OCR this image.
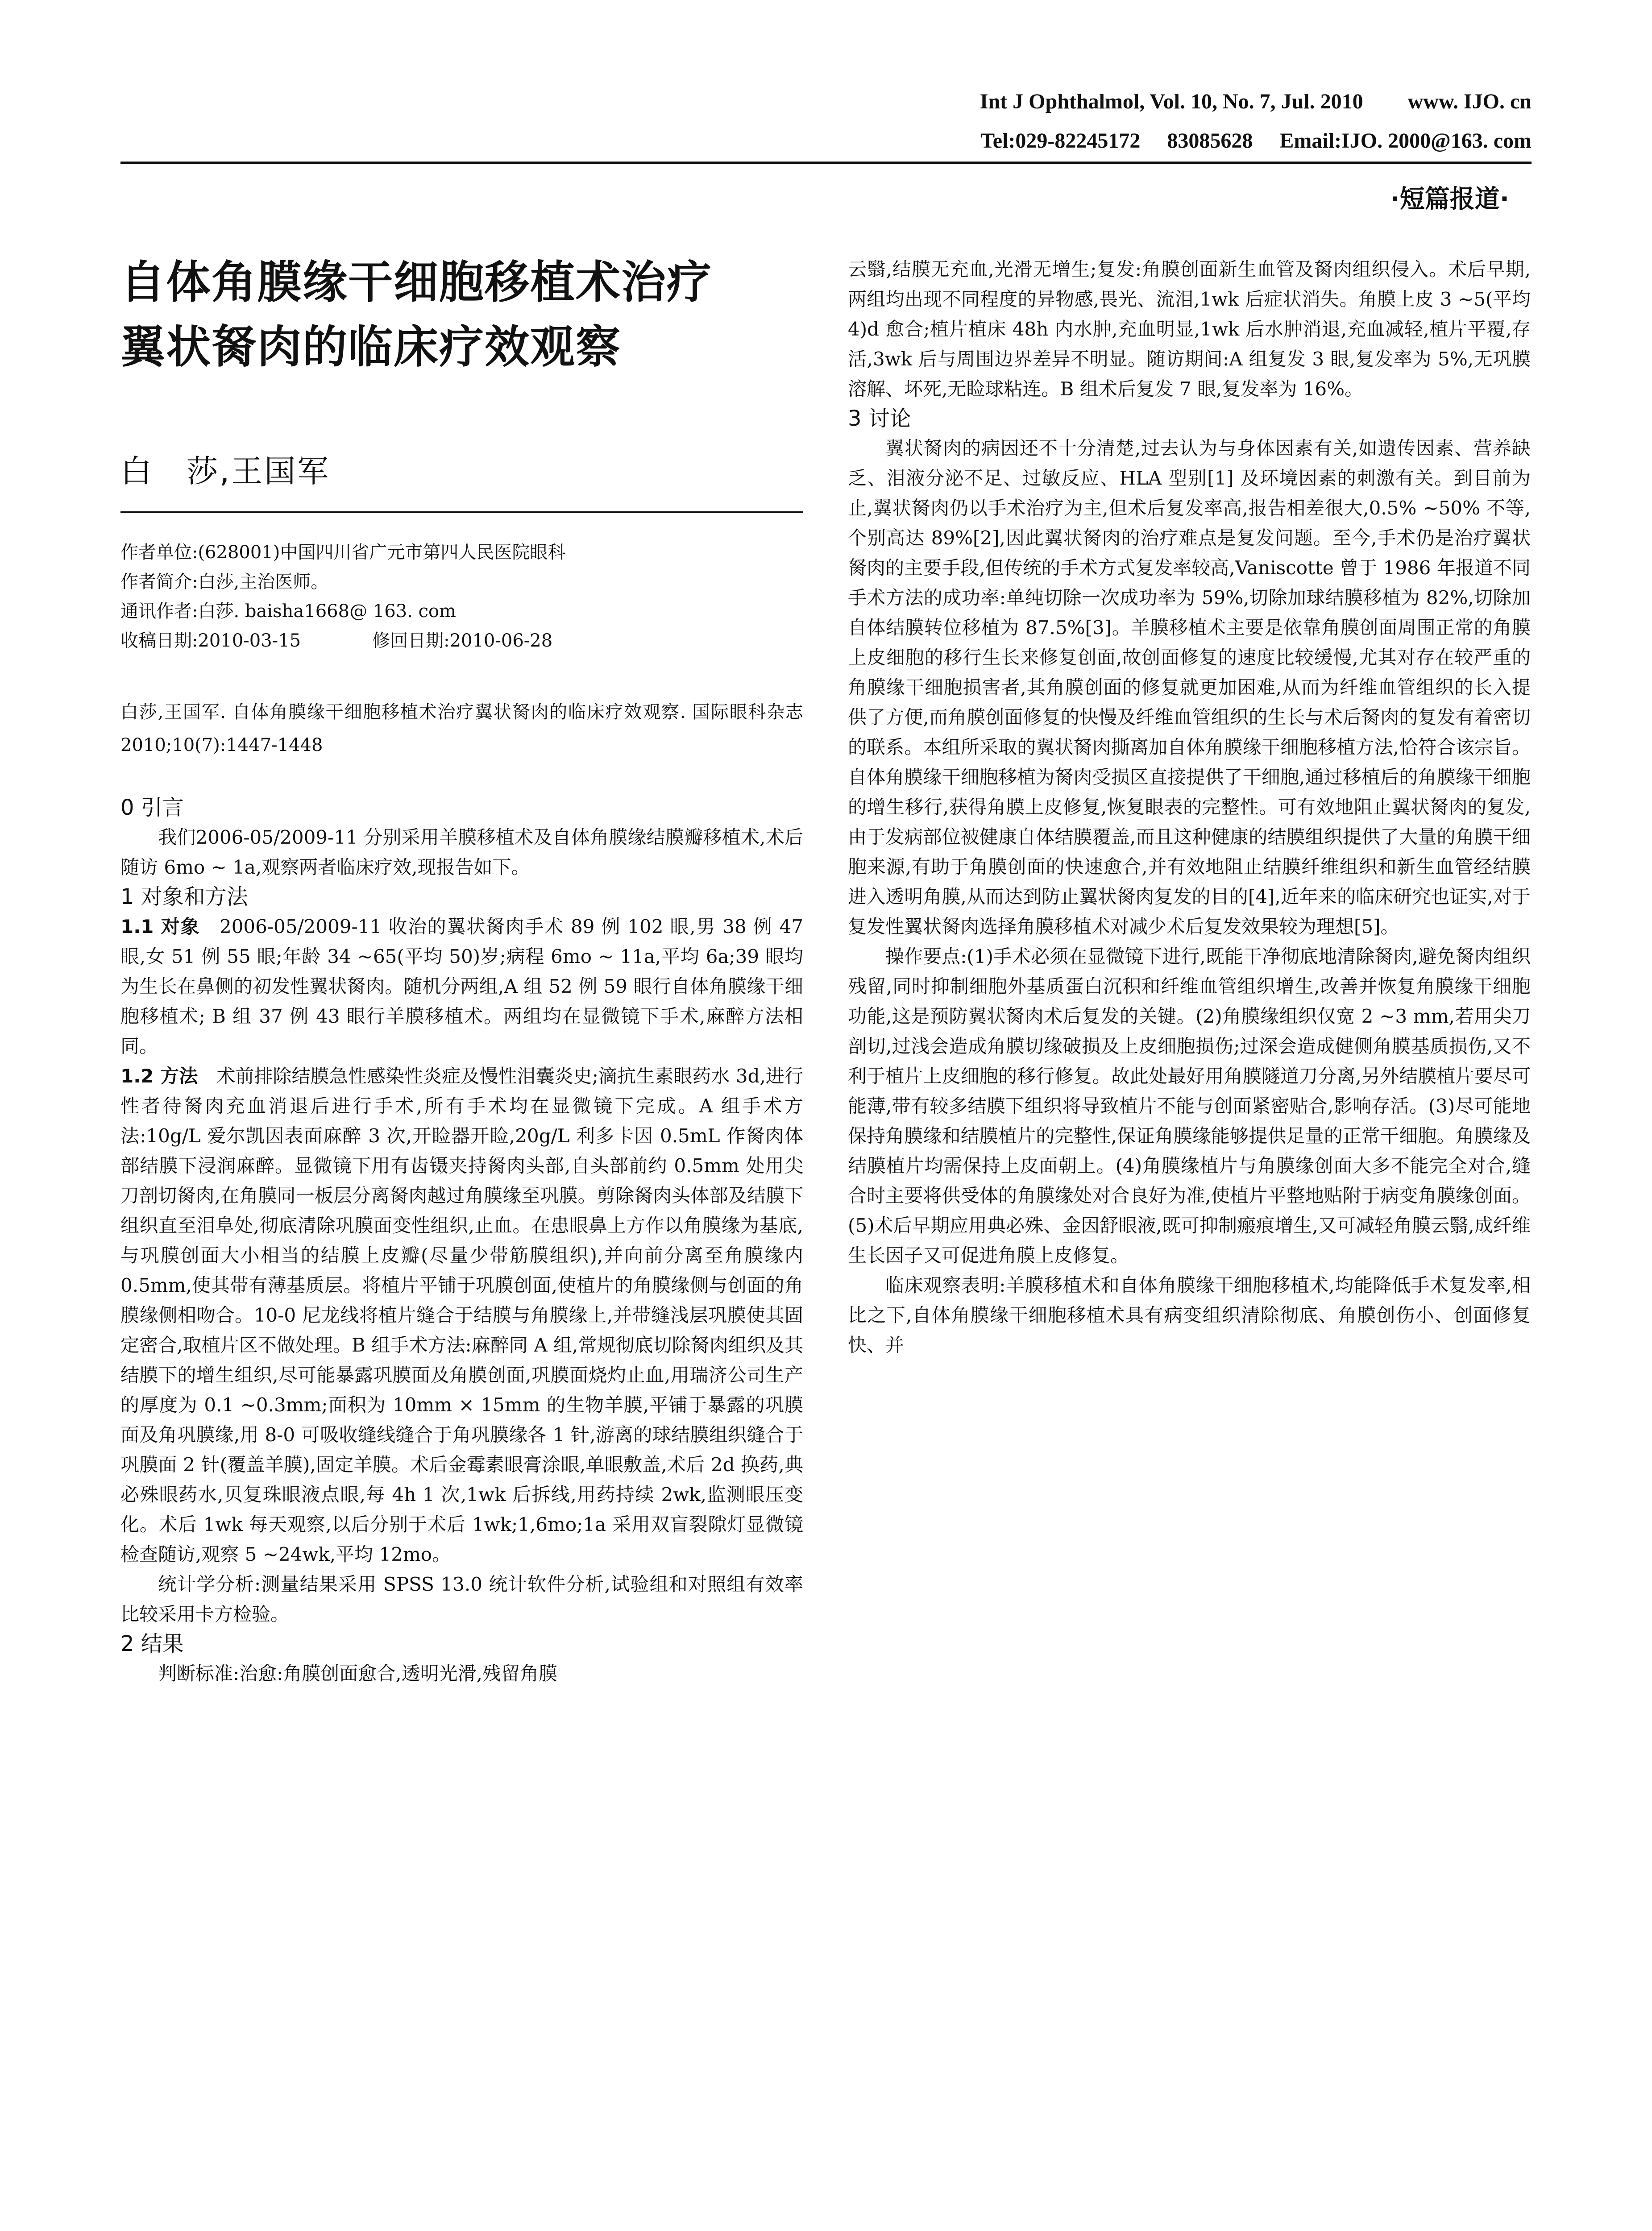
Int J Ophthalmol, Vol. 10, No. 7, Jul. 2010 www. IJO. cn
Tel:029-82245172 83085628 Email:IJO. 2000@163. com
·短篇报道·
自体角膜缘干细胞移植术治疗
翼状胬肉的临床疗效观察
白　莎,王国军
作者单位:(628001)中国四川省广元市第四人民医院眼科
作者简介:白莎,主治医师。
通讯作者:白莎. baisha1668@ 163. com
收稿日期:2010-03-15	修回日期:2010-06-28
白莎,王国军. 自体角膜缘干细胞移植术治疗翼状胬肉的临床疗效观察. 国际眼科杂志 2010;10(7):1447-1448
0 引言

我们2006-05/2009-11 分别采用羊膜移植术及自体角膜缘结膜瓣移植术,术后随访 6mo ~ 1a,观察两者临床疗效,现报告如下。

1 对象和方法

1.1 对象　2006-05/2009-11 收治的翼状胬肉手术 89 例 102 眼,男 38 例 47 眼,女 51 例 55 眼;年龄 34 ~65(平均 50)岁;病程 6mo ~ 11a,平均 6a;39 眼均为生长在鼻侧的初发性翼状胬肉。随机分两组,A 组 52 例 59 眼行自体角膜缘干细胞移植术; B 组 37 例 43 眼行羊膜移植术。两组均在显微镜下手术,麻醉方法相同。

1.2 方法　术前排除结膜急性感染性炎症及慢性泪囊炎史;滴抗生素眼药水 3d,进行性者待胬肉充血消退后进行手术,所有手术均在显微镜下完成。A 组手术方法:10g/L 爱尔凯因表面麻醉 3 次,开睑器开睑,20g/L 利多卡因 0.5mL 作胬肉体部结膜下浸润麻醉。显微镜下用有齿镊夹持胬肉头部,自头部前约 0.5mm 处用尖刀剖切胬肉,在角膜同一板层分离胬肉越过角膜缘至巩膜。剪除胬肉头体部及结膜下组织直至泪阜处,彻底清除巩膜面变性组织,止血。在患眼鼻上方作以角膜缘为基底,与巩膜创面大小相当的结膜上皮瓣(尽量少带筋膜组织),并向前分离至角膜缘内 0.5mm,使其带有薄基质层。将植片平铺于巩膜创面,使植片的角膜缘侧与创面的角膜缘侧相吻合。10-0 尼龙线将植片缝合于结膜与角膜缘上,并带缝浅层巩膜使其固定密合,取植片区不做处理。B 组手术方法:麻醉同 A 组,常规彻底切除胬肉组织及其结膜下的增生组织,尽可能暴露巩膜面及角膜创面,巩膜面烧灼止血,用瑞济公司生产的厚度为 0.1 ~0.3mm;面积为 10mm × 15mm 的生物羊膜,平铺于暴露的巩膜面及角巩膜缘,用 8-0 可吸收缝线缝合于角巩膜缘各 1 针,游离的球结膜组织缝合于巩膜面 2 针(覆盖羊膜),固定羊膜。术后金霉素眼膏涂眼,单眼敷盖,术后 2d 换药,典必殊眼药水,贝复珠眼液点眼,每 4h 1 次,1wk 后拆线,用药持续 2wk,监测眼压变化。术后 1wk 每天观察,以后分别于术后 1wk;1,6mo;1a 采用双盲裂隙灯显微镜检查随访,观察 5 ~24wk,平均 12mo。

统计学分析:测量结果采用 SPSS 13.0 统计软件分析,试验组和对照组有效率比较采用卡方检验。

2 结果

判断标准:治愈:角膜创面愈合,透明光滑,残留角膜

云翳,结膜无充血,光滑无增生;复发:角膜创面新生血管及胬肉组织侵入。术后早期,两组均出现不同程度的异物感,畏光、流泪,1wk 后症状消失。角膜上皮 3 ~5(平均 4)d 愈合;植片植床 48h 内水肿,充血明显,1wk 后水肿消退,充血减轻,植片平覆,存活,3wk 后与周围边界差异不明显。随访期间:A 组复发 3 眼,复发率为 5%,无巩膜溶解、坏死,无睑球粘连。B 组术后复发 7 眼,复发率为 16%。

3 讨论

翼状胬肉的病因还不十分清楚,过去认为与身体因素有关,如遗传因素、营养缺乏、泪液分泌不足、过敏反应、HLA 型别[1] 及环境因素的刺激有关。到目前为止,翼状胬肉仍以手术治疗为主,但术后复发率高,报告相差很大,0.5% ~50% 不等,个别高达 89%[2],因此翼状胬肉的治疗难点是复发问题。至今,手术仍是治疗翼状胬肉的主要手段,但传统的手术方式复发率较高,Vaniscotte 曾于 1986 年报道不同手术方法的成功率:单纯切除一次成功率为 59%,切除加球结膜移植为 82%,切除加自体结膜转位移植为 87.5%[3]。羊膜移植术主要是依靠角膜创面周围正常的角膜上皮细胞的移行生长来修复创面,故创面修复的速度比较缓慢,尤其对存在较严重的角膜缘干细胞损害者,其角膜创面的修复就更加困难,从而为纤维血管组织的长入提供了方便,而角膜创面修复的快慢及纤维血管组织的生长与术后胬肉的复发有着密切的联系。本组所采取的翼状胬肉撕离加自体角膜缘干细胞移植方法,恰符合该宗旨。自体角膜缘干细胞移植为胬肉受损区直接提供了干细胞,通过移植后的角膜缘干细胞的增生移行,获得角膜上皮修复,恢复眼表的完整性。可有效地阻止翼状胬肉的复发,由于发病部位被健康自体结膜覆盖,而且这种健康的结膜组织提供了大量的角膜干细胞来源,有助于角膜创面的快速愈合,并有效地阻止结膜纤维组织和新生血管经结膜进入透明角膜,从而达到防止翼状胬肉复发的目的[4],近年来的临床研究也证实,对于复发性翼状胬肉选择角膜移植术对减少术后复发效果较为理想[5]。

操作要点:(1)手术必须在显微镜下进行,既能干净彻底地清除胬肉,避免胬肉组织残留,同时抑制细胞外基质蛋白沉积和纤维血管组织增生,改善并恢复角膜缘干细胞功能,这是预防翼状胬肉术后复发的关键。(2)角膜缘组织仅宽 2 ~3 mm,若用尖刀剖切,过浅会造成角膜切缘破损及上皮细胞损伤;过深会造成健侧角膜基质损伤,又不利于植片上皮细胞的移行修复。故此处最好用角膜隧道刀分离,另外结膜植片要尽可能薄,带有较多结膜下组织将导致植片不能与创面紧密贴合,影响存活。(3)尽可能地保持角膜缘和结膜植片的完整性,保证角膜缘能够提供足量的正常干细胞。角膜缘及结膜植片均需保持上皮面朝上。(4)角膜缘植片与角膜缘创面大多不能完全对合,缝合时主要将供受体的角膜缘处对合良好为准,使植片平整地贴附于病变角膜缘创面。(5)术后早期应用典必殊、金因舒眼液,既可抑制瘢痕增生,又可减轻角膜云翳,成纤维生长因子又可促进角膜上皮修复。

临床观察表明:羊膜移植术和自体角膜缘干细胞移植术,均能降低手术复发率,相比之下,自体角膜缘干细胞移植术具有病变组织清除彻底、角膜创伤小、创面修复快、并
